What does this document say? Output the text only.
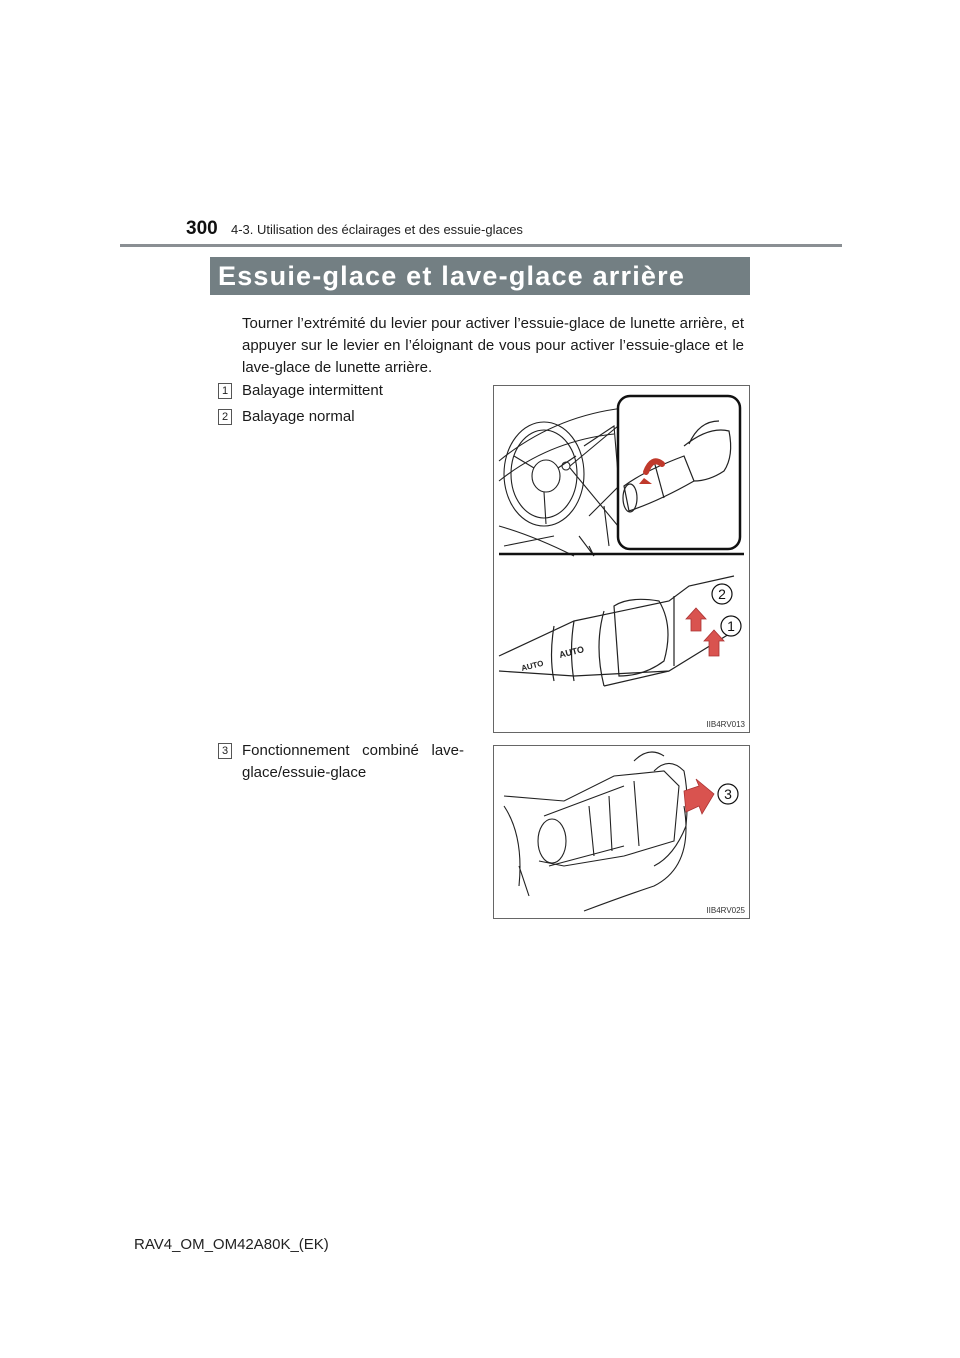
300 4-3. Utilisation des éclairages et des essuie-glaces
Essuie-glace et lave-glace arrière
Tourner l’extrémité du levier pour activer l’essuie-glace de lunette arrière, et appuyer sur le levier en l’éloignant de vous pour activer l’essuie-glace et le lave-glace de lunette arrière.
1 Balayage intermittent
2 Balayage normal
3 Fonctionnement combiné lave-
glace/essuie-glace
AUTO
AUTO
2
1
IIB4RV013
3
IIB4RV025
RAV4_OM_OM42A80K_(EK)
